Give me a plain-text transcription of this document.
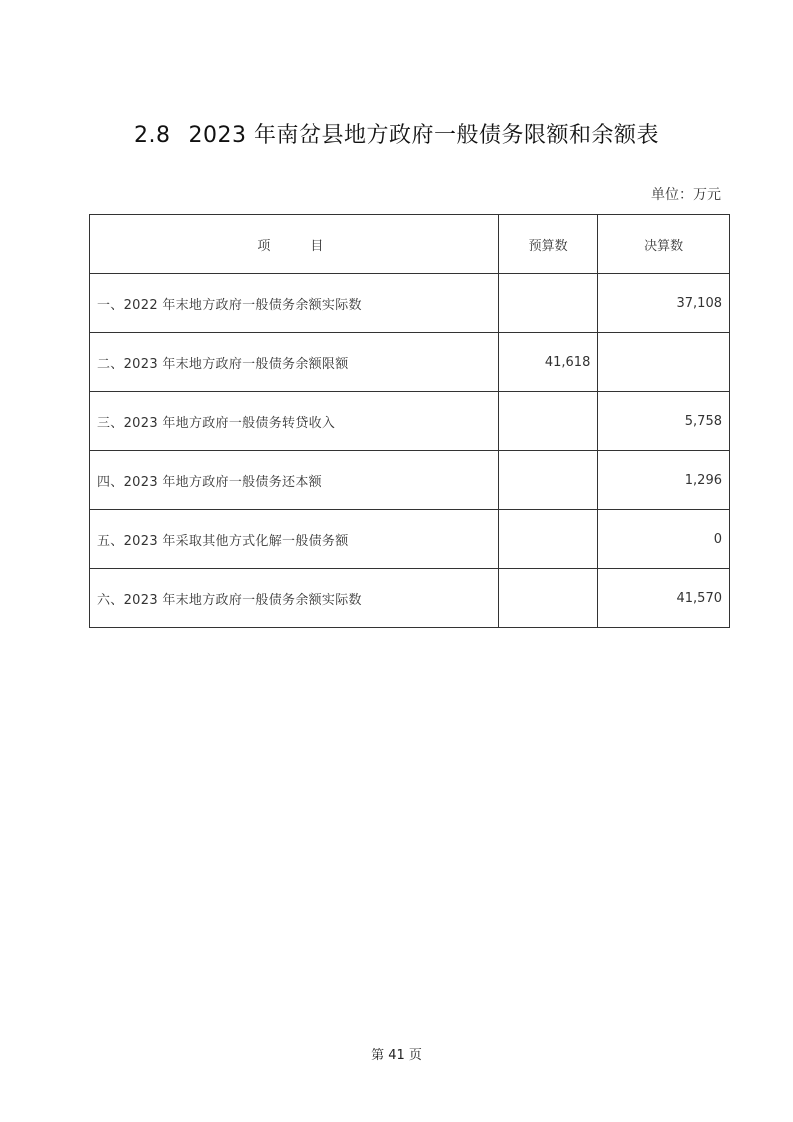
2.8 2023 年南岔县地方政府一般债务限额和余额表
单位：万元
项目	预算数	决算数
一、2022 年末地方政府一般债务余额实际数		37,108
二、2023 年末地方政府一般债务余额限额	41,618	
三、2023 年地方政府一般债务转贷收入		5,758
四、2023 年地方政府一般债务还本额		1,296
五、2023 年采取其他方式化解一般债务额		0
六、2023 年末地方政府一般债务余额实际数		41,570
第 41 页
